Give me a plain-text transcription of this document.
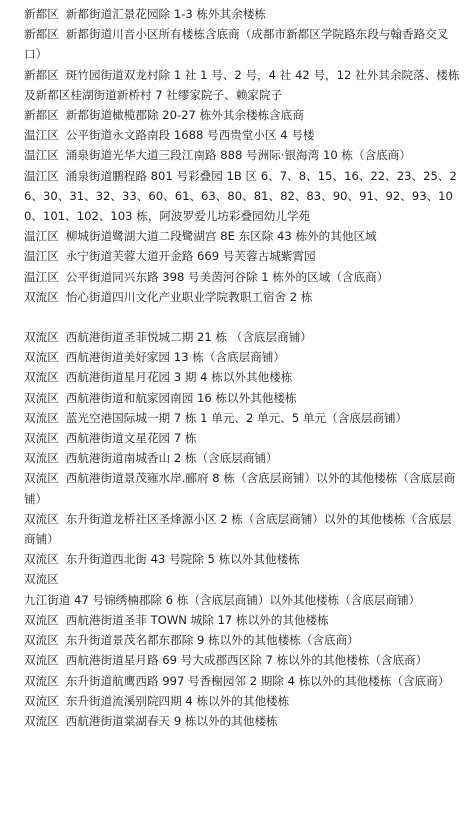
新都区 新都街道汇景花园除 1-3 栋外其余楼栋

新都区 新都街道川音小区所有楼栋含底商（成都市新都区学院路东段与翰香路交叉口）

新都区 斑竹园街道双龙村除 1 社 1 号、2 号，4 社 42 号，12 社外其余院落、楼栋及新都区桂湖街道新桥村 7 社缪家院子、赖家院子

新都区 新都街道橄榄郡除 20-27 栋外其余楼栋含底商

温江区 公平街道永文路南段 1688 号西贵堂小区 4 号楼

温江区 涌泉街道光华大道三段江南路 888 号洲际·银海湾 10 栋（含底商）

温江区 涌泉街道鹏程路 801 号彩叠园 1B 区 6、7、8、15、16、22、23、25、26、30、31、32、33、60、61、63、80、81、82、83、90、91、92、93、100、101、102、103 栋，阿波罗爱儿坊彩叠园幼儿学苑

温江区 柳城街道鹭湖大道二段鹭湖宫 8E 东区除 43 栋外的其他区域

温江区 永宁街道芙蓉大道开金路 669 号芙蓉古城紫霄园

温江区 公平街道同兴东路 398 号美茵河谷除 1 栋外的区域（含底商）

双流区 怡心街道四川文化产业职业学院教职工宿舍 2 栋

双流区 西航港街道圣菲悦城二期 21 栋 （含底层商铺）

双流区 西航港街道美好家园 13 栋（含底层商铺）

双流区 西航港街道星月花园 3 期 4 栋以外其他楼栋

双流区 西航港街道和航家园南园 16 栋以外其他楼栋

双流区 蓝光空港国际城一期 7 栋 1 单元、2 单元、5 单元（含底层商铺）

双流区 西航港街道文星花园 7 栋

双流区 西航港街道南城香山 2 栋（含底层商铺）

双流区 西航港街道景茂雍水岸.郦府 8 栋（含底层商铺）以外的其他楼栋（含底层商铺）

双流区 东升街道龙桥社区圣烽源小区 2 栋（含底层商铺）以外的其他楼栋（含底层商铺）

双流区 东升街道西北街 43 号院除 5 栋以外其他楼栋

双流区九江街道 47 号锦绣楠郡除 6 栋（含底层商铺）以外其他楼栋（含底层商铺）

双流区 西航港街道圣菲 TOWN 城除 17 栋以外的其他楼栋

双流区 东升街道景茂名都东郡除 9 栋以外的其他楼栋（含底商）

双流区 西航港街道星月路 69 号大成郡西区除 7 栋以外的其他楼栋（含底商）

双流区 东升街道航鹰西路 997 号香榭园邻 2 期除 4 栋以外的其他楼栋（含底商）

双流区 东升街道流溪别院四期 4 栋以外的其他楼栋

双流区 西航港街道棠湖春天 9 栋以外的其他楼栋
